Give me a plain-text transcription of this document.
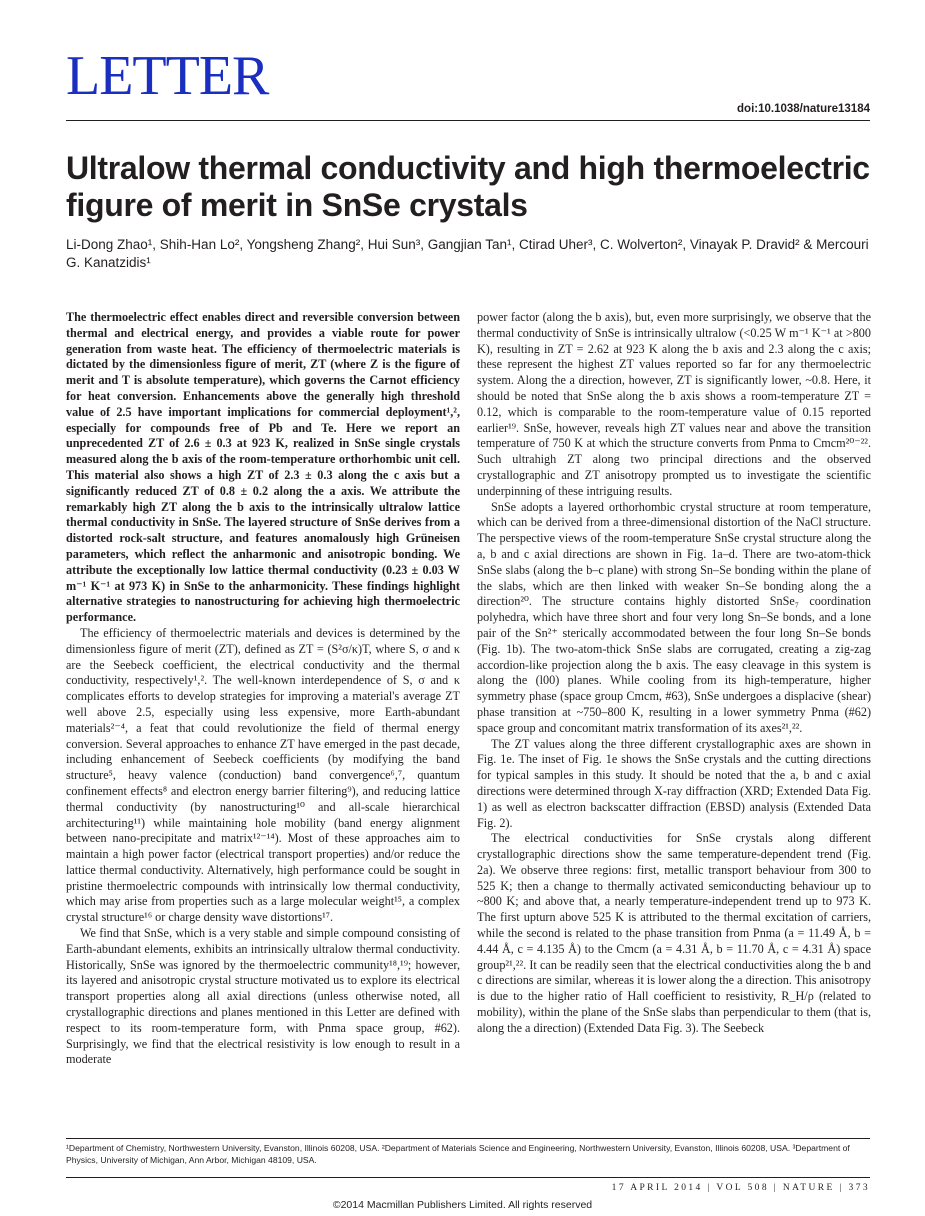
LETTER
doi:10.1038/nature13184
Ultralow thermal conductivity and high thermoelectric figure of merit in SnSe crystals
Li-Dong Zhao¹, Shih-Han Lo², Yongsheng Zhang², Hui Sun³, Gangjian Tan¹, Ctirad Uher³, C. Wolverton², Vinayak P. Dravid² & Mercouri G. Kanatzidis¹

The thermoelectric effect enables direct and reversible conversion between thermal and electrical energy, and provides a viable route for power generation from waste heat. The efficiency of thermoelectric materials is dictated by the dimensionless figure of merit, ZT (where Z is the figure of merit and T is absolute temperature), which governs the Carnot efficiency for heat conversion. Enhancements above the generally high threshold value of 2.5 have important implications for commercial deployment¹,², especially for compounds free of Pb and Te. Here we report an unprecedented ZT of 2.6 ± 0.3 at 923 K, realized in SnSe single crystals measured along the b axis of the room-temperature orthorhombic unit cell. This material also shows a high ZT of 2.3 ± 0.3 along the c axis but a significantly reduced ZT of 0.8 ± 0.2 along the a axis. We attribute the remarkably high ZT along the b axis to the intrinsically ultralow lattice thermal conductivity in SnSe. The layered structure of SnSe derives from a distorted rock-salt structure, and features anomalously high Grüneisen parameters, which reflect the anharmonic and anisotropic bonding. We attribute the exceptionally low lattice thermal conductivity (0.23 ± 0.03 W m⁻¹ K⁻¹ at 973 K) in SnSe to the anharmonicity. These findings highlight alternative strategies to nanostructuring for achieving high thermoelectric performance.

The efficiency of thermoelectric materials and devices is determined by the dimensionless figure of merit (ZT), defined as ZT = (S²σ/κ)T, where S, σ and κ are the Seebeck coefficient, the electrical conductivity and the thermal conductivity, respectively¹,². The well-known interdependence of S, σ and κ complicates efforts to develop strategies for improving a material's average ZT well above 2.5, especially using less expensive, more Earth-abundant materials²⁻⁴, a feat that could revolutionize the field of thermal energy conversion. Several approaches to enhance ZT have emerged in the past decade, including enhancement of Seebeck coefficients (by modifying the band structure⁵, heavy valence (conduction) band convergence⁶,⁷, quantum confinement effects⁸ and electron energy barrier filtering⁹), and reducing lattice thermal conductivity (by nanostructuring¹⁰ and all-scale hierarchical architecturing¹¹) while maintaining hole mobility (band energy alignment between nano-precipitate and matrix¹²⁻¹⁴). Most of these approaches aim to maintain a high power factor (electrical transport properties) and/or reduce the lattice thermal conductivity. Alternatively, high performance could be sought in pristine thermoelectric compounds with intrinsically low thermal conductivity, which may arise from properties such as a large molecular weight¹⁵, a complex crystal structure¹⁶ or charge density wave distortions¹⁷.

We find that SnSe, which is a very stable and simple compound consisting of Earth-abundant elements, exhibits an intrinsically ultralow thermal conductivity. Historically, SnSe was ignored by the thermoelectric community¹⁸,¹⁹; however, its layered and anisotropic crystal structure motivated us to explore its electrical transport properties along all axial directions (unless otherwise noted, all crystallographic directions and planes mentioned in this Letter are defined with respect to its room-temperature form, with Pnma space group, #62). Surprisingly, we find that the electrical resistivity is low enough to result in a moderate

power factor (along the b axis), but, even more surprisingly, we observe that the thermal conductivity of SnSe is intrinsically ultralow (<0.25 W m⁻¹ K⁻¹ at >800 K), resulting in ZT = 2.62 at 923 K along the b axis and 2.3 along the c axis; these represent the highest ZT values reported so far for any thermoelectric system. Along the a direction, however, ZT is significantly lower, ~0.8. Here, it should be noted that SnSe along the b axis shows a room-temperature ZT = 0.12, which is comparable to the room-temperature value of 0.15 reported earlier¹⁹. SnSe, however, reveals high ZT values near and above the transition temperature of 750 K at which the structure converts from Pnma to Cmcm²⁰⁻²². Such ultrahigh ZT along two principal directions and the observed crystallographic and ZT anisotropy prompted us to investigate the scientific underpinning of these intriguing results.

SnSe adopts a layered orthorhombic crystal structure at room temperature, which can be derived from a three-dimensional distortion of the NaCl structure. The perspective views of the room-temperature SnSe crystal structure along the a, b and c axial directions are shown in Fig. 1a–d. There are two-atom-thick SnSe slabs (along the b–c plane) with strong Sn–Se bonding within the plane of the slabs, which are then linked with weaker Sn–Se bonding along the a direction²⁰. The structure contains highly distorted SnSe₇ coordination polyhedra, which have three short and four very long Sn–Se bonds, and a lone pair of the Sn²⁺ sterically accommodated between the four long Sn–Se bonds (Fig. 1b). The two-atom-thick SnSe slabs are corrugated, creating a zig-zag accordion-like projection along the b axis. The easy cleavage in this system is along the (l00) planes. While cooling from its high-temperature, higher symmetry phase (space group Cmcm, #63), SnSe undergoes a displacive (shear) phase transition at ~750–800 K, resulting in a lower symmetry Pnma (#62) space group and concomitant matrix transformation of its axes²¹,²².

The ZT values along the three different crystallographic axes are shown in Fig. 1e. The inset of Fig. 1e shows the SnSe crystals and the cutting directions for typical samples in this study. It should be noted that the a, b and c axial directions were determined through X-ray diffraction (XRD; Extended Data Fig. 1) as well as electron backscatter diffraction (EBSD) analysis (Extended Data Fig. 2).

The electrical conductivities for SnSe crystals along different crystallographic directions show the same temperature-dependent trend (Fig. 2a). We observe three regions: first, metallic transport behaviour from 300 to 525 K; then a change to thermally activated semiconducting behaviour up to ~800 K; and above that, a nearly temperature-independent trend up to 973 K. The first upturn above 525 K is attributed to the thermal excitation of carriers, while the second is related to the phase transition from Pnma (a = 11.49 Å, b = 4.44 Å, c = 4.135 Å) to the Cmcm (a = 4.31 Å, b = 11.70 Å, c = 4.31 Å) space group²¹,²². It can be readily seen that the electrical conductivities along the b and c directions are similar, whereas it is lower along the a direction. This anisotropy is due to the higher ratio of Hall coefficient to resistivity, R_H/ρ (related to mobility), within the plane of the SnSe slabs than perpendicular to them (that is, along the a direction) (Extended Data Fig. 3). The Seebeck

¹Department of Chemistry, Northwestern University, Evanston, Illinois 60208, USA. ²Department of Materials Science and Engineering, Northwestern University, Evanston, Illinois 60208, USA. ³Department of Physics, University of Michigan, Ann Arbor, Michigan 48109, USA.
17 APRIL 2014 | VOL 508 | NATURE | 373
©2014 Macmillan Publishers Limited. All rights reserved
